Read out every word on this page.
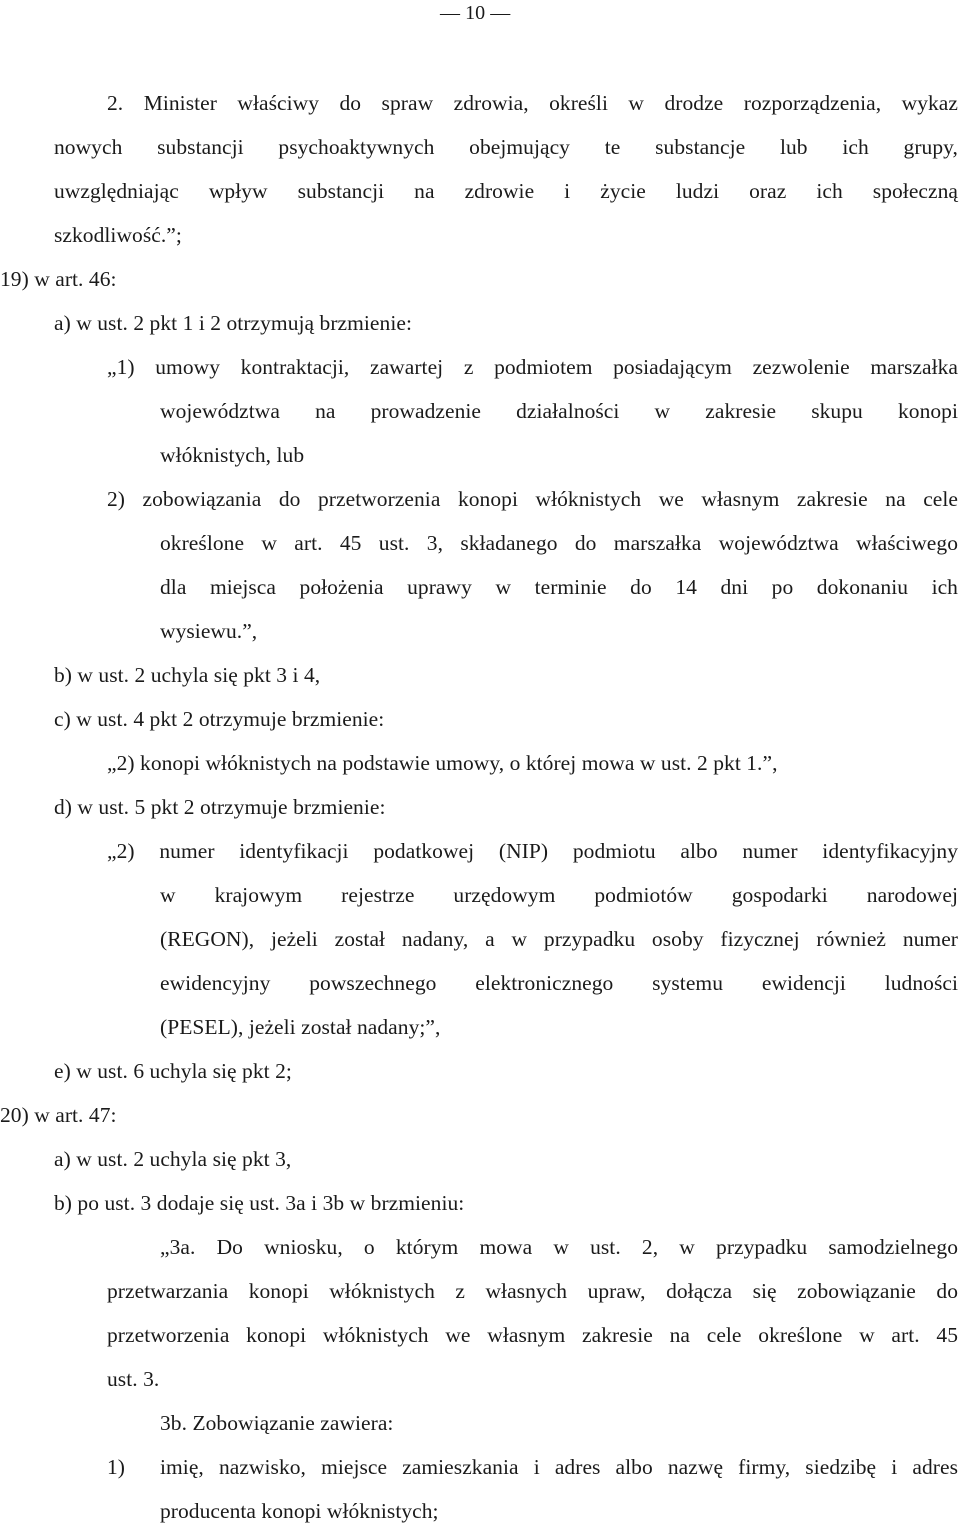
— 10 —
2. Minister właściwy do spraw zdrowia, określi w drodze rozporządzenia, wykaz
nowych substancji psychoaktywnych obejmujący te substancje lub ich grupy,
uwzględniając wpływ substancji na zdrowie i życie ludzi oraz ich społeczną
szkodliwość.”;
19) w art. 46:
a) w ust. 2 pkt 1 i 2 otrzymują brzmienie:
„1) umowy kontraktacji, zawartej z podmiotem posiadającym zezwolenie marszałka
województwa na prowadzenie działalności w zakresie skupu konopi
włóknistych, lub
2) zobowiązania do przetworzenia konopi włóknistych we własnym zakresie na cele
określone w art. 45 ust. 3, składanego do marszałka województwa właściwego
dla miejsca położenia uprawy w terminie do 14 dni po dokonaniu ich
wysiewu.”,
b) w ust. 2 uchyla się pkt 3 i 4,
c) w ust. 4 pkt 2 otrzymuje brzmienie:
„2) konopi włóknistych na podstawie umowy, o której mowa w ust. 2 pkt 1.”,
d) w ust. 5 pkt 2 otrzymuje brzmienie:
„2) numer identyfikacji podatkowej (NIP) podmiotu albo numer identyfikacyjny
w krajowym rejestrze urzędowym podmiotów gospodarki narodowej
(REGON), jeżeli został nadany, a w przypadku osoby fizycznej również numer
ewidencyjny powszechnego elektronicznego systemu ewidencji ludności
(PESEL), jeżeli został nadany;”,
e) w ust. 6 uchyla się pkt 2;
20) w art. 47:
a) w ust. 2 uchyla się pkt 3,
b) po ust. 3 dodaje się ust. 3a i 3b w brzmieniu:
„3a. Do wniosku, o którym mowa w ust. 2, w przypadku samodzielnego
przetwarzania konopi włóknistych z własnych upraw, dołącza się zobowiązanie do
przetworzenia konopi włóknistych we własnym zakresie na cele określone w art. 45
ust. 3.
3b. Zobowiązanie zawiera:
1) imię, nazwisko, miejsce zamieszkania i adres albo nazwę firmy, siedzibę i adres
producenta konopi włóknistych;
